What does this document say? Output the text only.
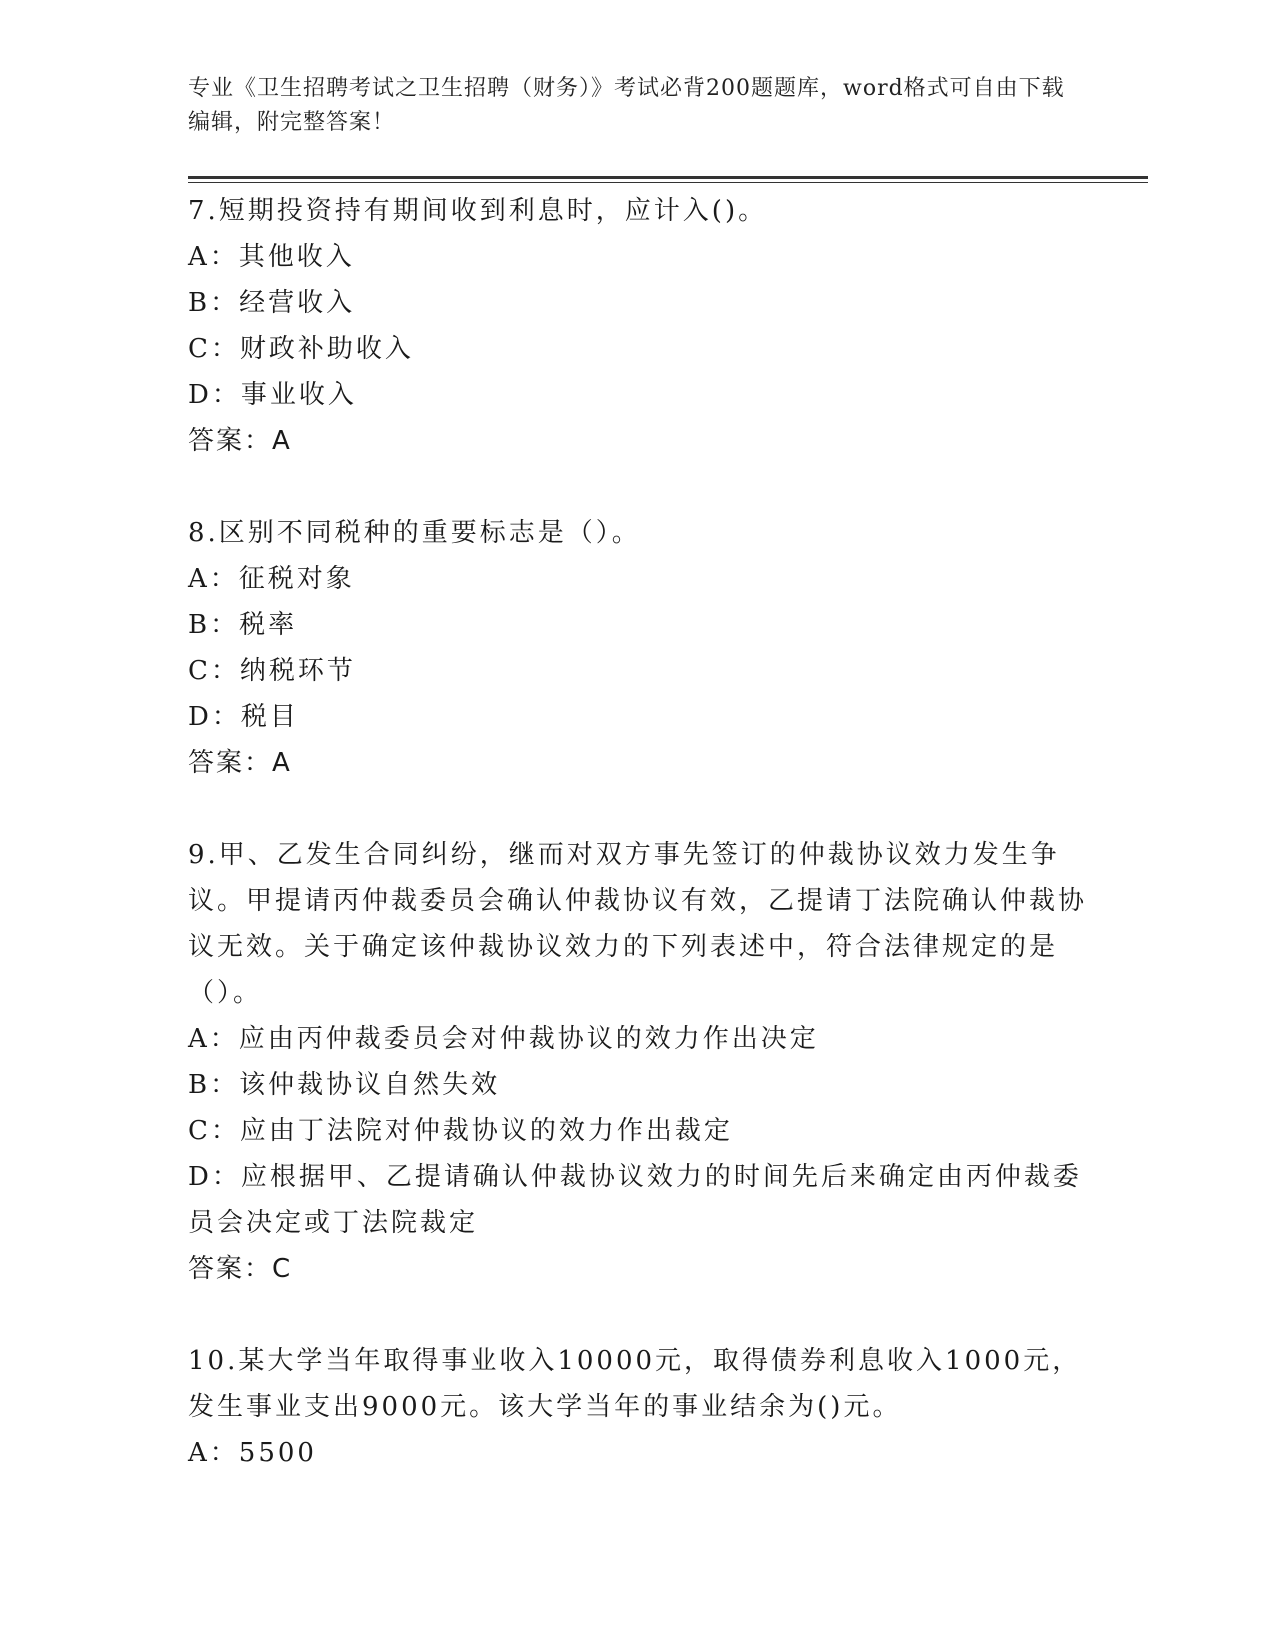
专业《卫生招聘考试之卫生招聘（财务）》考试必背200题题库，word格式可自由下载编辑，附完整答案！

7.短期投资持有期间收到利息时，应计入()。

A：其他收入

B：经营收入

C：财政补助收入

D：事业收入

答案：A

8.区别不同税种的重要标志是（）。

A：征税对象

B：税率

C：纳税环节

D：税目

答案：A

9.甲、乙发生合同纠纷，继而对双方事先签订的仲裁协议效力发生争议。甲提请丙仲裁委员会确认仲裁协议有效，乙提请丁法院确认仲裁协议无效。关于确定该仲裁协议效力的下列表述中，符合法律规定的是（）。

A：应由丙仲裁委员会对仲裁协议的效力作出决定

B：该仲裁协议自然失效

C：应由丁法院对仲裁协议的效力作出裁定

D：应根据甲、乙提请确认仲裁协议效力的时间先后来确定由丙仲裁委员会决定或丁法院裁定

答案：C

10.某大学当年取得事业收入10000元，取得债券利息收入1000元，发生事业支出9000元。该大学当年的事业结余为()元。

A：5500
